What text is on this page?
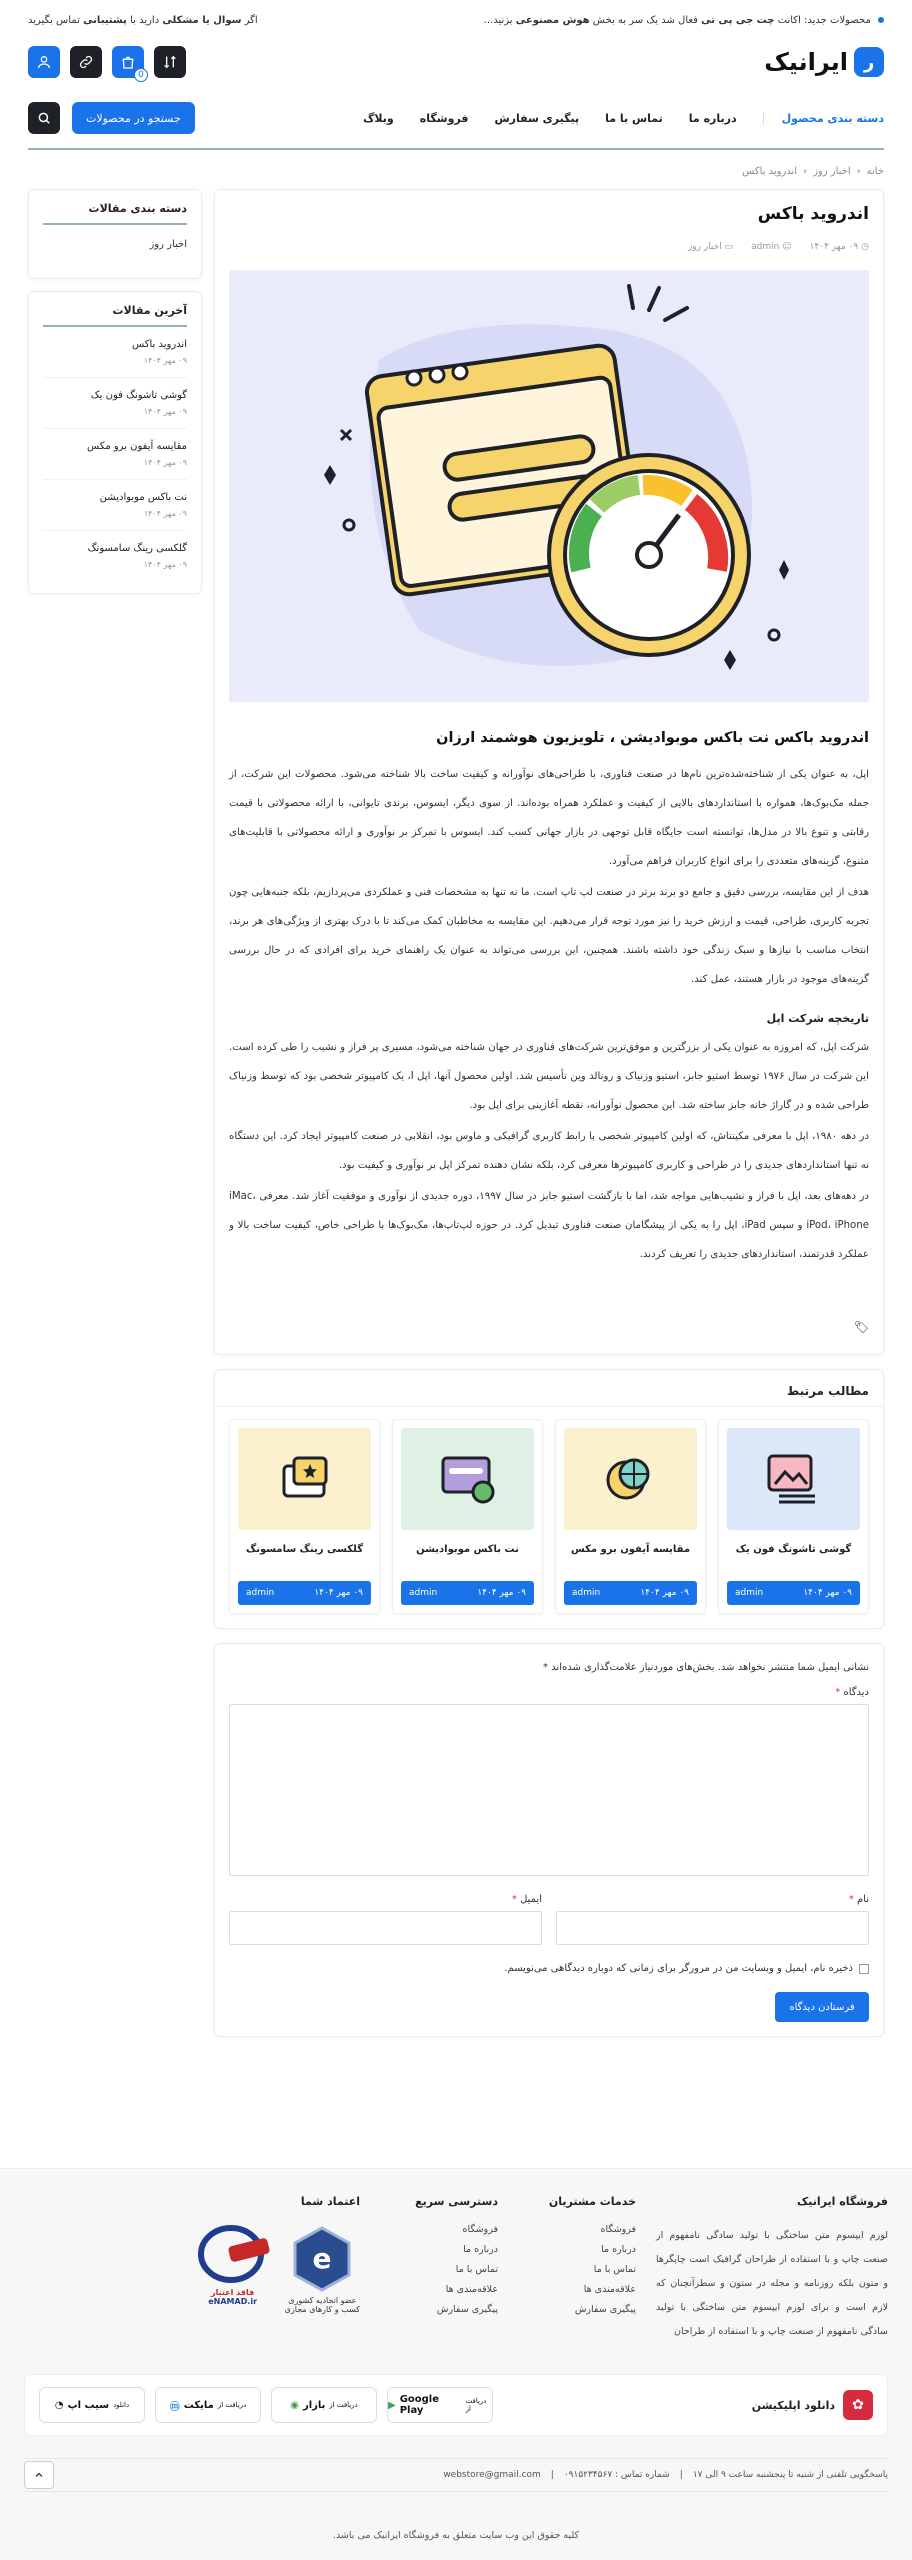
محصولات جدید: اکانت چت جی پی تی فعال شد یک سر به بخش هوش مصنوعی بزنید...
اگر سوال یا مشکلی دارید با پشتیبانی تماس بگیرید
ر
ایرانیک
0
دسته بندی محصول
درباره ما
تماس با ما
پیگیری سفارش
فروشگاه
وبلاگ
جستجو در محصولات
خانه
‹
اخبار روز
‹
اندروید باکس
اندروید باکس
◷ ۰۹ مهر ۱۴۰۴
☺ admin
▭ اخبار روز
اندروید باکس نت باکس موبوادیشن ، تلویزیون هوشمند ارزان

اپل، به عنوان یکی از شناخته‌شده‌ترین نام‌ها در صنعت فناوری، با طراحی‌های نوآورانه و کیفیت ساخت بالا شناخته می‌شود. محصولات این شرکت، از جمله مک‌بوک‌ها، همواره با استانداردهای بالایی از کیفیت و عملکرد همراه بوده‌اند. از سوی دیگر، ایسوس، برندی تایوانی، با ارائه محصولاتی با قیمت رقابتی و تنوع بالا در مدل‌ها، توانسته است جایگاه قابل توجهی در بازار جهانی کسب کند. ایسوس با تمرکز بر نوآوری و ارائه محصولاتی با قابلیت‌های متنوع، گزینه‌های متعددی را برای انواع کاربران فراهم می‌آورد.

هدف از این مقایسه، بررسی دقیق و جامع دو برند برتر در صنعت لپ تاپ است. ما نه تنها به مشخصات فنی و عملکردی می‌پردازیم، بلکه جنبه‌هایی چون تجربه کاربری، طراحی، قیمت و ارزش خرید را نیز مورد توجه قرار می‌دهیم. این مقایسه به مخاطبان کمک می‌کند تا با درک بهتری از ویژگی‌های هر برند، انتخاب مناسب با نیازها و سبک زندگی خود داشته باشند. همچنین، این بررسی می‌تواند به عنوان یک راهنمای خرید برای افرادی که در حال بررسی گزینه‌های موجود در بازار هستند، عمل کند.

تاریخچه شرکت اپل

شرکت اپل، که امروزه به عنوان یکی از بزرگترین و موفق‌ترین شرکت‌های فناوری در جهان شناخته می‌شود، مسیری پر فراز و نشیب را طی کرده است. این شرکت در سال ۱۹۷۶ توسط استیو جابز، استیو وزنیاک و رونالد وین تأسیس شد. اولین محصول آنها، اپل I، یک کامپیوتر شخصی بود که توسط وزنیاک طراحی شده و در گاراژ خانه جابز ساخته شد. این محصول نوآورانه، نقطه آغازینی برای اپل بود.

در دهه ۱۹۸۰، اپل با معرفی مکینتاش، که اولین کامپیوتر شخصی با رابط کاربری گرافیکی و ماوس بود، انقلابی در صنعت کامپیوتر ایجاد کرد. این دستگاه نه تنها استانداردهای جدیدی را در طراحی و کاربری کامپیوترها معرفی کرد، بلکه نشان دهنده تمرکز اپل بر نوآوری و کیفیت بود.

در دهه‌های بعد، اپل با فراز و نشیب‌هایی مواجه شد، اما با بازگشت استیو جابز در سال ۱۹۹۷، دوره جدیدی از نوآوری و موفقیت آغاز شد. معرفی iMac، iPod، iPhone و سپس iPad، اپل را به یکی از پیشگامان صنعت فناوری تبدیل کرد. در حوزه لپ‌تاپ‌ها، مک‌بوک‌ها با طراحی خاص، کیفیت ساخت بالا و عملکرد قدرتمند، استانداردهای جدیدی را تعریف کردند.

🏷
مطالب مرتبط
گوشی تاشونگ فون یک
۰۹ مهر ۱۴۰۴
admin
مقایسه آیفون برو مکس
۰۹ مهر ۱۴۰۴
admin
نت باکس موبوادیشن
۰۹ مهر ۱۴۰۴
admin
گلکسی رینگ سامسونگ
۰۹ مهر ۱۴۰۴
admin
نشانی ایمیل شما منتشر نخواهد شد. بخش‌های موردنیاز علامت‌گذاری شده‌اند *
دیدگاه *
نام *
ایمیل *
ذخیره نام، ایمیل و وبسایت من در مرورگر برای زمانی که دوباره دیدگاهی می‌نویسم.
فرستادن دیدگاه
دسته بندی مقالات
اخبار روز
آخرین مقالات
اندروید باکس
۰۹ مهر ۱۴۰۴
گوشی تاشونگ فون یک
۰۹ مهر ۱۴۰۴
مقایسه آیفون برو مکس
۰۹ مهر ۱۴۰۴
نت باکس موبوادیشن
۰۹ مهر ۱۴۰۴
گلکسی رینگ سامسونگ
۰۹ مهر ۱۴۰۴
فروشگاه ایرانیک

لورم ایپسوم متن ساختگی با تولید سادگی نامفهوم از صنعت چاپ و با استفاده از طراحان گرافیک است چاپگرها و متون بلکه روزنامه و مجله در ستون و سطرآنچنان که لازم است و برای لورم ایپسوم متن ساختگی با تولید سادگی نامفهوم از صنعت چاپ و با استفاده از طراحان

خدمات مشتریان
فروشگاه
درباره ما
تماس با ما
علاقه‌مندی ها
پیگیری سفارش
دسترسی سریع
فروشگاه
درباره ما
تماس با ما
علاقه‌مندی ها
پیگیری سفارش
اعتماد شما
e
عضو اتحادیه کشوری
کسب و کارهای مجازی
فاقد اعتبار
eNAMAD.ir
✿
دانلود اپلیکیشن
◔ سیب اپ دانلود	ⓜ مایکت دریافت از	◉ بازار دریافت از	▶ Google Play
دریافت از
پاسخگویی تلفنی از شنبه تا پنجشنبه ساعت ۹ الی ۱۷
|
شماره تماس : ۰۹۱۵۲۳۴۵۶۷
|
webstore@gmail.com
کلیه حقوق این وب سایت متعلق به فروشگاه ایرانیک می باشد.
